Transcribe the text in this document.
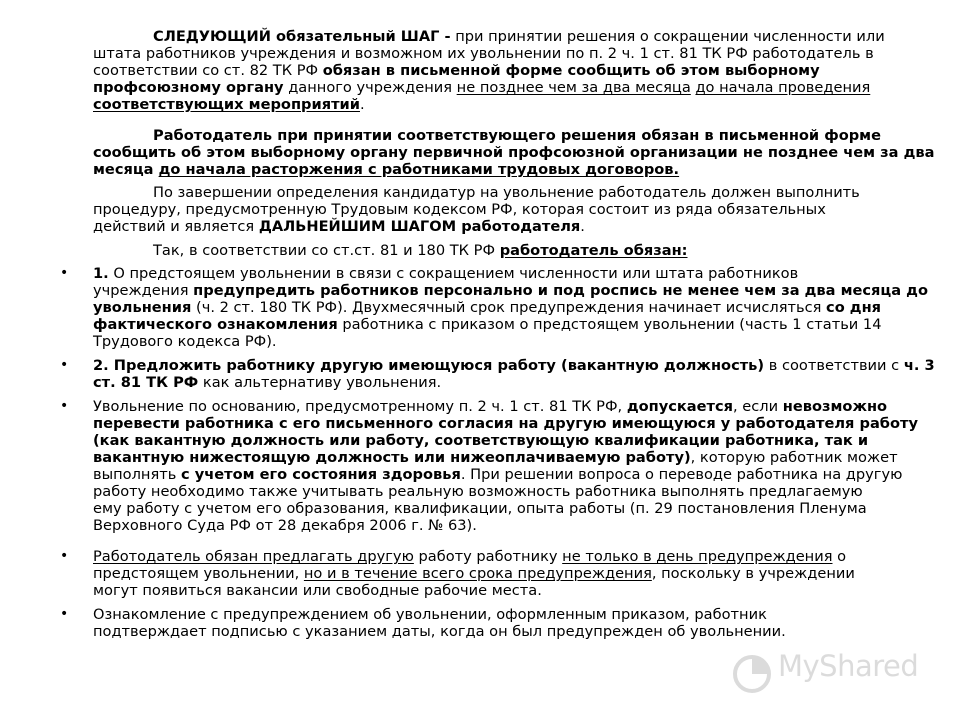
СЛЕДУЮЩИЙ обязательный ШАГ - при принятии решения о сокращении численности или
штата работников учреждения и возможном их увольнении по п. 2 ч. 1 ст. 81 ТК РФ работодатель в
соответствии со ст. 82 ТК РФ обязан в письменной форме сообщить об этом выборному
профсоюзному органу данного учреждения не позднее чем за два месяца до начала проведения
соответствующих мероприятий.
Работодатель при принятии соответствующего решения обязан в письменной форме
сообщить об этом выборному органу первичной профсоюзной организации не позднее чем за два
месяца до начала расторжения с работниками трудовых договоров.
По завершении определения кандидатур на увольнение работодатель должен выполнить
процедуру, предусмотренную Трудовым кодексом РФ, которая состоит из ряда обязательных
действий и является ДАЛЬНЕЙШИМ ШАГОМ работодателя.
Так, в соответствии со ст.ст. 81 и 180 ТК РФ работодатель обязан:
• 1. О предстоящем увольнении в связи с сокращением численности или штата работников
учреждения предупредить работников персонально и под роспись не менее чем за два месяца до
увольнения (ч. 2 ст. 180 ТК РФ). Двухмесячный срок предупреждения начинает исчисляться со дня
фактического ознакомления работника с приказом о предстоящем увольнении (часть 1 статьи 14
Трудового кодекса РФ).
• 2. Предложить работнику другую имеющуюся работу (вакантную должность) в соответствии с ч. 3
ст. 81 ТК РФ как альтернативу увольнения.
• Увольнение по основанию, предусмотренному п. 2 ч. 1 ст. 81 ТК РФ, допускается, если невозможно
перевести работника с его письменного согласия на другую имеющуюся у работодателя работу
(как вакантную должность или работу, соответствующую квалификации работника, так и
вакантную нижестоящую должность или нижеоплачиваемую работу), которую работник может
выполнять с учетом его состояния здоровья. При решении вопроса о переводе работника на другую
работу необходимо также учитывать реальную возможность работника выполнять предлагаемую
ему работу с учетом его образования, квалификации, опыта работы (п. 29 постановления Пленума
Верховного Суда РФ от 28 декабря 2006 г. № 63).
• Работодатель обязан предлагать другую работу работнику не только в день предупреждения о
предстоящем увольнении, но и в течение всего срока предупреждения, поскольку в учреждении
могут появиться вакансии или свободные рабочие места.
• Ознакомление с предупреждением об увольнении, оформленным приказом, работник
подтверждает подписью с указанием даты, когда он был предупрежден об увольнении.
MyShared
